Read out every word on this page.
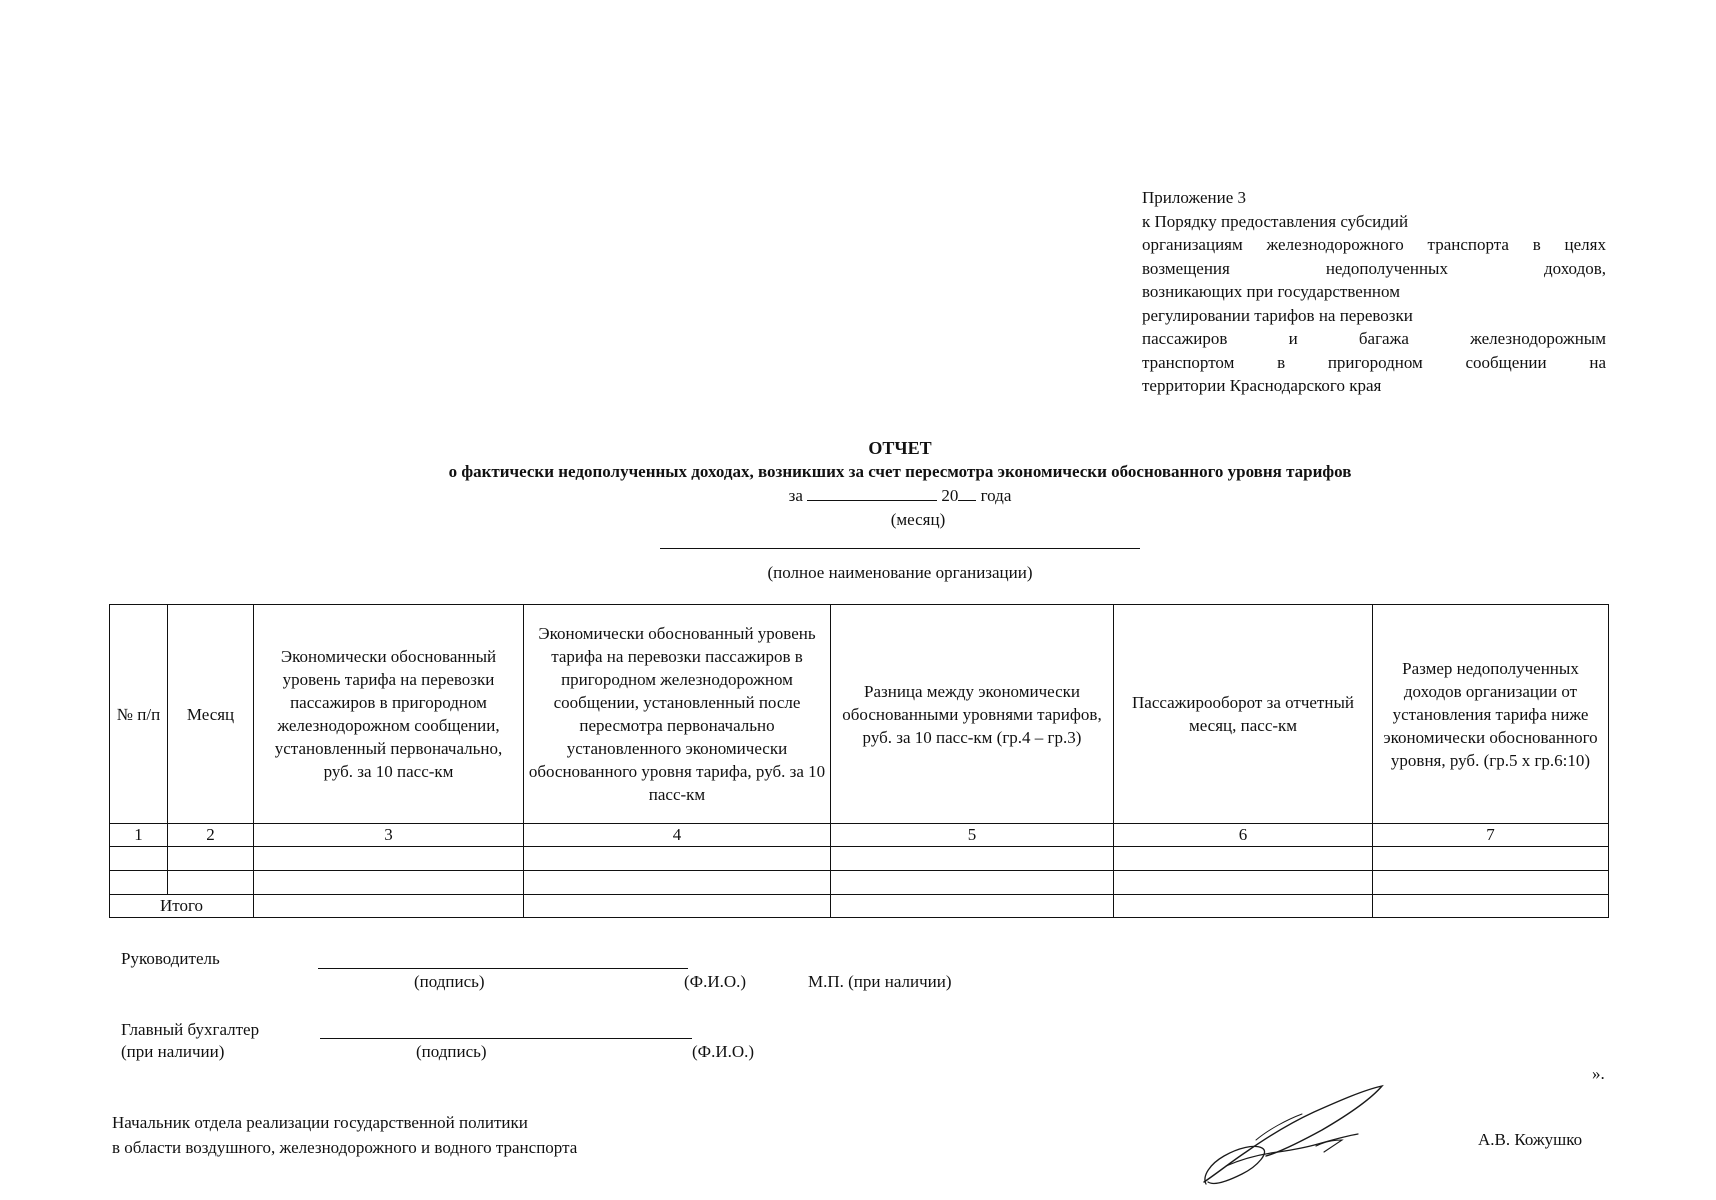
Приложение 3
к Порядку предоставления субсидий
организациям железнодорожного транспорта в целях
возмещения недополученных доходов,
возникающих при государственном
регулировании тарифов на перевозки
пассажиров и багажа железнодорожным
транспортом в пригородном сообщении на
территории Краснодарского края
ОТЧЕТ
о фактически недополученных доходах, возникших за счет пересмотра экономически обоснованного уровня тарифов
за	20 года
(месяц)
(полное наименование организации)
№ п/п	Месяц	Экономически обоснованный уровень тарифа на перевозки пассажиров в пригородном железнодорожном сообщении, установленный первоначально, руб. за 10 пасс-км	Экономически обоснованный уровень тарифа на перевозки пассажиров в пригородном железнодорожном сообщении, установленный после пересмотра первоначально установленного экономически обоснованного уровня тарифа, руб. за 10 пасс-км	Разница между экономически обоснованными уровнями тарифов, руб. за 10 пасс-км (гр.4 – гр.3)	Пассажирооборот за отчетный месяц, пасс-км	Размер недополученных доходов организации от установления тарифа ниже экономически обоснованного уровня, руб. (гр.5 х гр.6:10)
1	2	3	4	5	6	7

Итого						
Руководитель
(подпись)	(Ф.И.О.)	М.П. (при наличии)
Главный бухгалтер
(при наличии)	(подпись)	(Ф.И.О.)
».
Начальник отдела реализации государственной политики
в области воздушного, железнодорожного и водного транспорта	А.В. Кожушко
